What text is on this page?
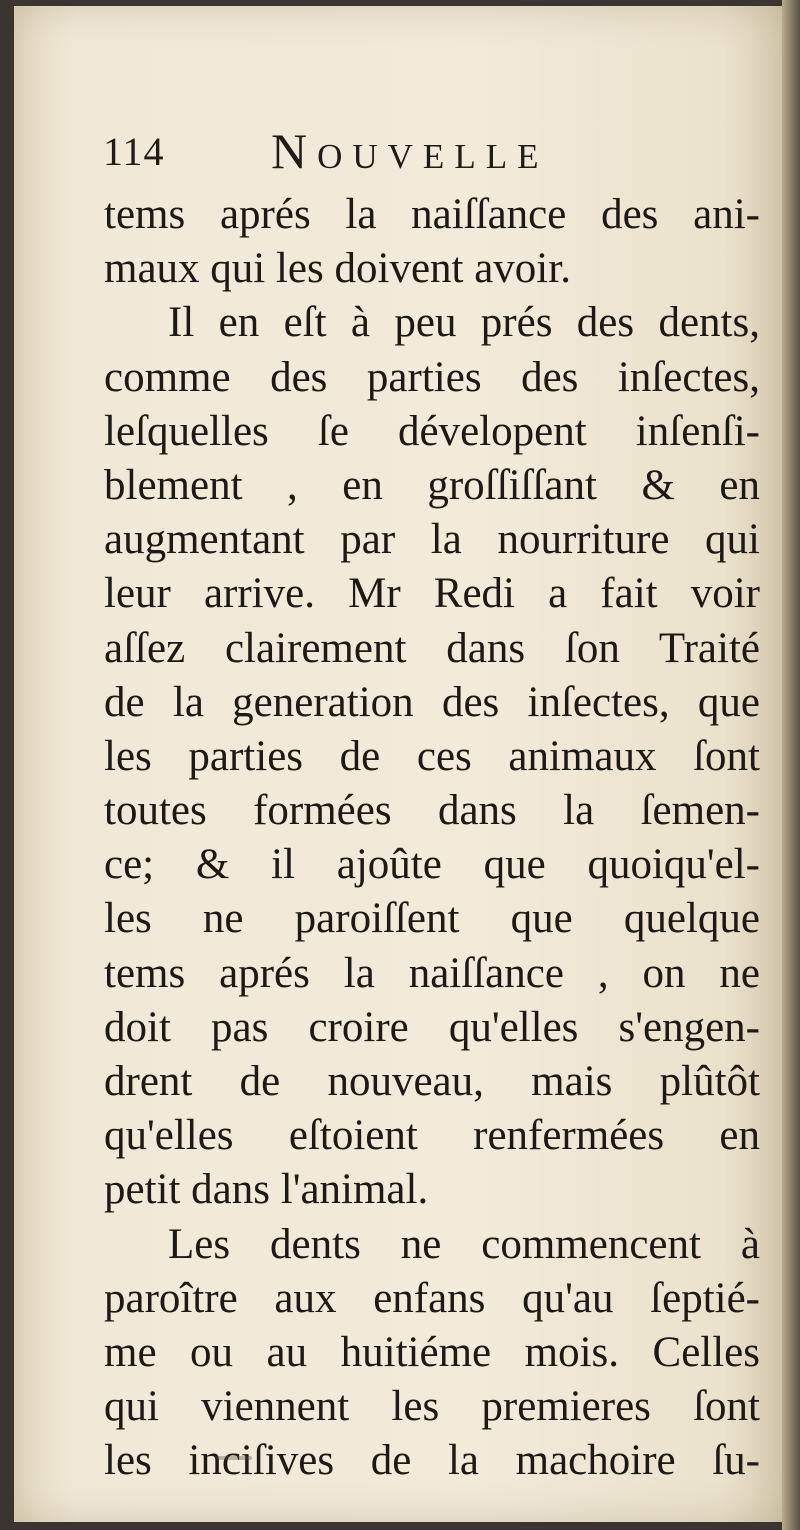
114 Nouvelle
tems aprés la naiſſance des ani-
maux qui les doivent avoir.
Il en eſt à peu prés des dents,
comme des parties des inſectes,
leſquelles ſe dévelopent inſenſi-
blement , en groſſiſſant & en
augmentant par la nourriture qui
leur arrive. Mr Redi a fait voir
aſſez clairement dans ſon Traité
de la generation des inſectes, que
les parties de ces animaux ſont
toutes formées dans la ſemen-
ce; & il ajoûte que quoiqu'el-
les ne paroiſſent que quelque
tems aprés la naiſſance , on ne
doit pas croire qu'elles s'engen-
drent de nouveau, mais plûtôt
qu'elles eſtoient renfermées en
petit dans l'animal.
Les dents ne commencent à
paroître aux enfans qu'au ſeptié-
me ou au huitiéme mois. Celles
qui viennent les premieres ſont
les inciſives de la machoire ſu-
